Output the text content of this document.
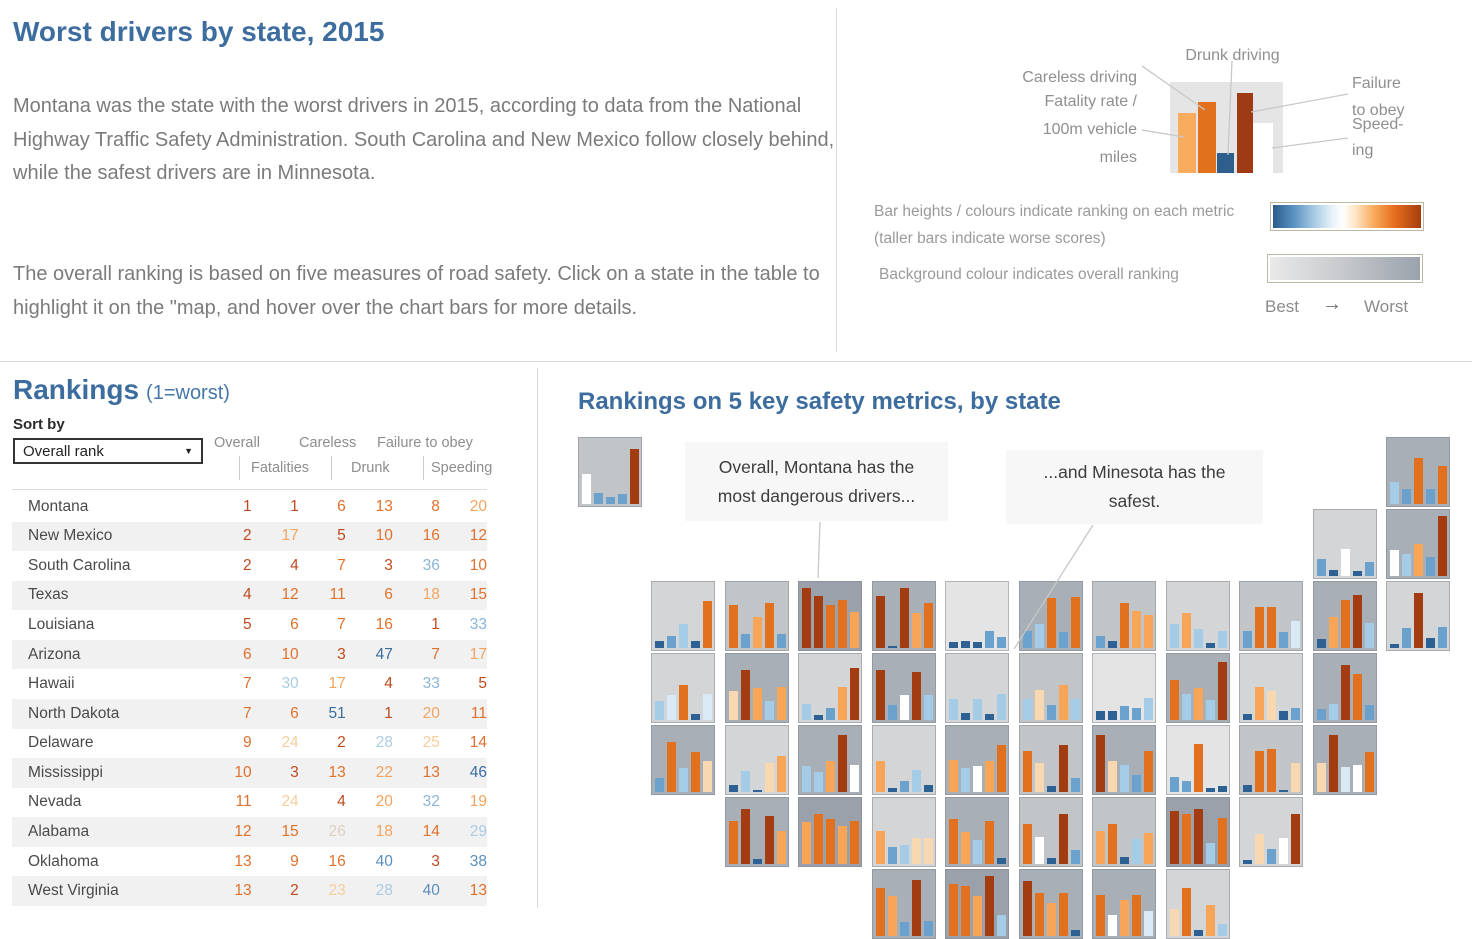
Worst drivers by state, 2015
Montana was the state with the worst drivers in 2015, according to data from the National Highway Traffic Safety Administration. South Carolina and New Mexico follow closely behind, while the safest drivers are in Minnesota.
The overall ranking is based on five measures of road safety. Click on a state in the table to highlight it on the "map, and hover over the chart bars for more details.
Drunk driving
Careless driving
Fatality rate /
100m vehicle
miles
Failure
to obey
Speed-
ing
Bar heights / colours indicate ranking on each metric (taller bars indicate worse scores)
Background colour indicates overall ranking
Best → Worst
Rankings (1=worst)
Sort by
Overall rank	▼ Overall
Fatalities
Careless
Drunk
Failure to obey
Speeding
Montana	1	1	6	13	8	20
New Mexico	2	17	5	10	16	12
South Carolina	2	4	7	3	36	10
Texas	4	12	11	6	18	15
Louisiana	5	6	7	16	1	33
Arizona	6	10	3	47	7	17
Hawaii	7	30	17	4	33	5
North Dakota	7	6	51	1	20	11
Delaware	9	24	2	28	25	14
Mississippi	10	3	13	22	13	46
Nevada	11	24	4	20	32	19
Alabama	12	15	26	18	14	29
Oklahoma	13	9	16	40	3	38
West Virginia	13	2	23	28	40	13
Rankings on 5 key safety metrics, by state
Overall, Montana has the most dangerous drivers...
...and Minesota has the safest.
